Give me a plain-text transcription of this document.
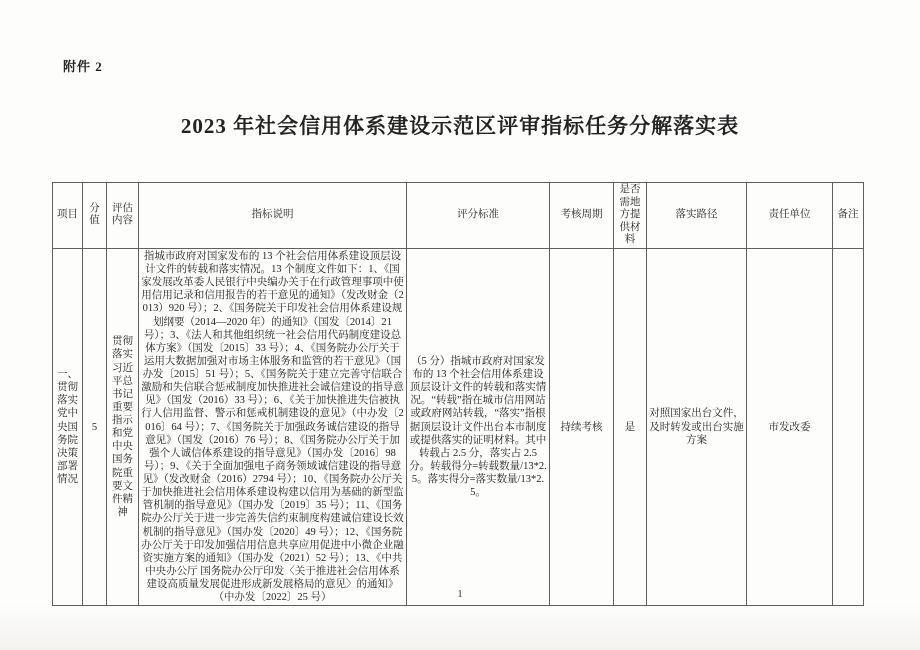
附件 2
2023 年社会信用体系建设示范区评审指标任务分解落实表
项目	分值	评估内容	指标说明	评分标准	考核周期	是否需地方提供材料	落实路径	责任单位	备注
一、贯彻落实党中央国务院决策部署情况	5	贯彻落实习近平总书记重要指示和党中央国务院重要文件精神	指城市政府对国家发布的 13 个社会信用体系建设顶层设计文件的转载和落实情况。13 个制度文件如下：1、《国家发展改革委人民银行中央编办关于在行政管理事项中使用信用记录和信用报告的若干意见的通知》（发改财金（2013）920 号）；2、《国务院关于印发社会信用体系建设规划纲要（2014—2020 年）的通知》（国发〔2014〕21 号）；3、《法人和其他组织统一社会信用代码制度建设总体方案》（国发〔2015〕33 号）；4、《国务院办公厅关于运用大数据加强对市场主体服务和监管的若干意见》（国办发〔2015〕51 号）；5、《国务院关于建立完善守信联合激励和失信联合惩戒制度加快推进社会诚信建设的指导意见》（国发（2016）33 号）；6、《关于加快推进失信被执行人信用监督、警示和惩戒机制建设的意见》（中办发〔2016〕64 号）；7、《国务院关于加强政务诚信建设的指导意见》（国发（2016）76 号）；8、《国务院办公厅关于加强个人诚信体系建设的指导意见》（国办发〔2016〕98 号）；9、《关于全面加强电子商务领域诚信建设的指导意见》（发改财金（2016）2794 号）；10、《国务院办公厅关于加快推进社会信用体系建设构建以信用为基础的新型监管机制的指导意见》（国办发〔2019〕35 号）；11、《国务院办公厅关于进一步完善失信约束制度构建诚信建设长效机制的指导意见》（国办发〔2020〕49 号）；12、《国务院办公厅关于印发加强信用信息共享应用促进中小微企业融资实施方案的通知》（国办发（2021）52 号）；13、《中共中央办公厅 国务院办公厅印发〈关于推进社会信用体系建设高质量发展促进形成新发展格局的意见〉的通知》（中办发〔2022〕25 号）	（5 分）指城市政府对国家发布的 13 个社会信用体系建设顶层设计文件的转载和落实情况。“转载”指在城市信用网站或政府网站转载，“落实”指根据顶层设计文件出台本市制度或提供落实的证明材料。其中转载占 2.5 分，落实占 2.5 分。转载得分=转载数量/13*2.5。落实得分=落实数量/13*2.5。	持续考核	是	对照国家出台文件，及时转发或出台实施方案	市发改委	
1
